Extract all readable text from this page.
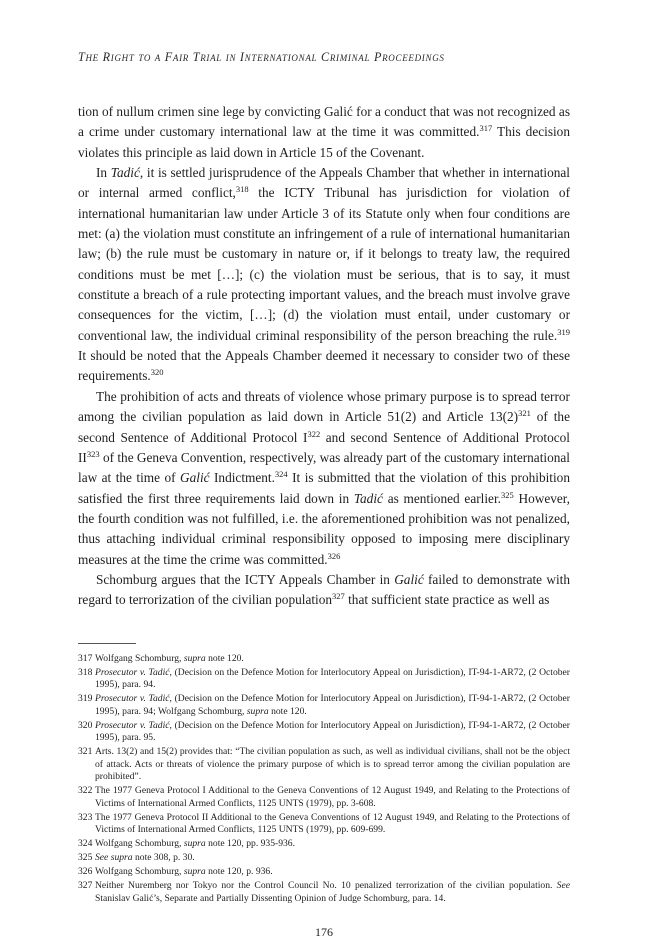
The Right to a Fair Trial in International Criminal Proceedings

tion of nullum crimen sine lege by convicting Galić for a conduct that was not recognized as a crime under customary international law at the time it was committed.$^{317}$ This decision violates this principle as laid down in Article 15 of the Covenant.

In Tadić, it is settled jurisprudence of the Appeals Chamber that whether in international or internal armed conflict,$^{318}$ the ICTY Tribunal has jurisdiction for violation of international humanitarian law under Article 3 of its Statute only when four conditions are met: (a) the violation must constitute an infringement of a rule of international humanitarian law; (b) the rule must be customary in nature or, if it belongs to treaty law, the required conditions must be met […]; (c) the violation must be serious, that is to say, it must constitute a breach of a rule protecting important values, and the breach must involve grave consequences for the victim, […]; (d) the violation must entail, under customary or conventional law, the individual criminal responsibility of the person breaching the rule.$^{319}$ It should be noted that the Appeals Chamber deemed it necessary to consider two of these requirements.$^{320}$

The prohibition of acts and threats of violence whose primary purpose is to spread terror among the civilian population as laid down in Article 51(2) and Article $13(2)^{321}$ of the second Sentence of Additional Protocol $I^{322}$ and second Sentence of Additional Protocol II$^{323}$ of the Geneva Convention, respectively, was already part of the customary international law at the time of Galić Indictment.$^{324}$ It is submitted that the violation of this prohibition satisfied the first three requirements laid down in Tadić as mentioned earlier.$^{325}$ However, the fourth condition was not fulfilled, i.e. the aforementioned prohibition was not penalized, thus attaching individual criminal responsibility opposed to imposing mere disciplinary measures at the time the crime was committed.$^{326}$

Schomburg argues that the ICTY Appeals Chamber in Galić failed to demonstrate with regard to terrorization of the civilian population$^{327}$ that sufficient state practice as well as

317 Wolfgang Schomburg, supra note 120.
318 Prosecutor v. Tadić, (Decision on the Defence Motion for Interlocutory Appeal on Jurisdiction), IT-94-1-AR72, (2 October 1995), para. 94.
319 Prosecutor v. Tadić, (Decision on the Defence Motion for Interlocutory Appeal on Jurisdiction), IT-94-1-AR72, (2 October 1995), para. 94; Wolfgang Schomburg, supra note 120.
320 Prosecutor v. Tadić, (Decision on the Defence Motion for Interlocutory Appeal on Jurisdiction), IT-94-1-AR72, (2 October 1995), para. 95.
321 Arts. 13(2) and 15(2) provides that: “The civilian population as such, as well as individual civilians, shall not be the object of attack. Acts or threats of violence the primary purpose of which is to spread terror among the civilian population are prohibited”.
322 The 1977 Geneva Protocol I Additional to the Geneva Conventions of 12 August 1949, and Relating to the Protections of Victims of International Armed Conflicts, 1125 UNTS (1979), pp. 3-608.
323 The 1977 Geneva Protocol II Additional to the Geneva Conventions of 12 August 1949, and Relating to the Protections of Victims of International Armed Conflicts, 1125 UNTS (1979), pp. 609-699.
324 Wolfgang Schomburg, supra note 120, pp. 935-936.
325 See supra note 308, p. 30.
326 Wolfgang Schomburg, supra note 120, p. 936.
327 Neither Nuremberg nor Tokyo nor the Control Council No. 10 penalized terrorization of the civilian population. See Stanislav Galić’s, Separate and Partially Dissenting Opinion of Judge Schomburg, para. 14.
176
